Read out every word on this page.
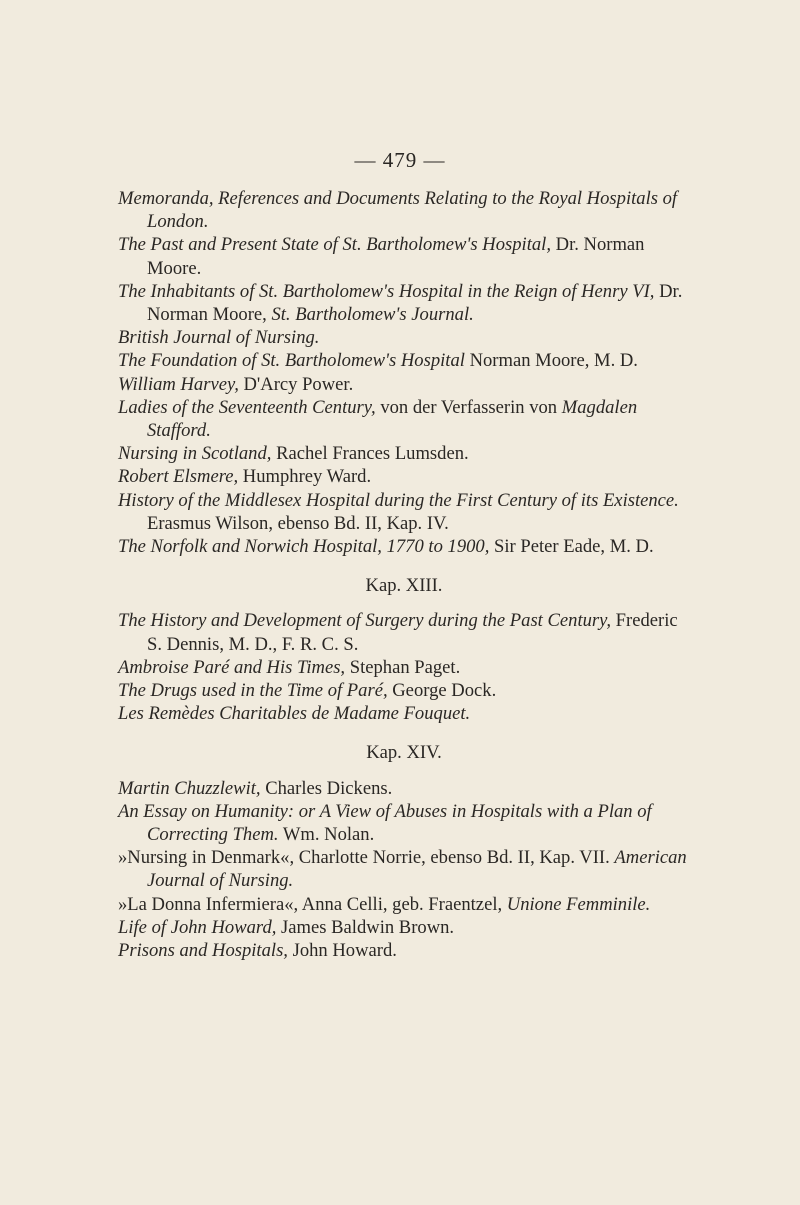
— 479 —

Memoranda, References and Documents Relating to the Royal Hospitals of London.

The Past and Present State of St. Bartholomew's Hospital, Dr. Norman Moore.

The Inhabitants of St. Bartholomew's Hospital in the Reign of Henry VI, Dr. Norman Moore, St. Bartholomew's Journal.

British Journal of Nursing.

The Foundation of St. Bartholomew's Hospital Norman Moore, M. D.

William Harvey, D'Arcy Power.

Ladies of the Seventeenth Century, von der Verfasserin von Magdalen Stafford.

Nursing in Scotland, Rachel Frances Lumsden.

Robert Elsmere, Humphrey Ward.

History of the Middlesex Hospital during the First Century of its Existence. Erasmus Wilson, ebenso Bd. II, Kap. IV.

The Norfolk and Norwich Hospital, 1770 to 1900, Sir Peter Eade, M. D.

Kap. XIII.

The History and Development of Surgery during the Past Century, Frederic S. Dennis, M. D., F. R. C. S.

Ambroise Paré and His Times, Stephan Paget.

The Drugs used in the Time of Paré, George Dock.

Les Remèdes Charitables de Madame Fouquet.

Kap. XIV.

Martin Chuzzlewit, Charles Dickens.

An Essay on Humanity: or A View of Abuses in Hospitals with a Plan of Correcting Them. Wm. Nolan.

»Nursing in Denmark«, Charlotte Norrie, ebenso Bd. II, Kap. VII. American Journal of Nursing.

»La Donna Infermiera«, Anna Celli, geb. Fraentzel, Unione Femminile.

Life of John Howard, James Baldwin Brown.

Prisons and Hospitals, John Howard.
